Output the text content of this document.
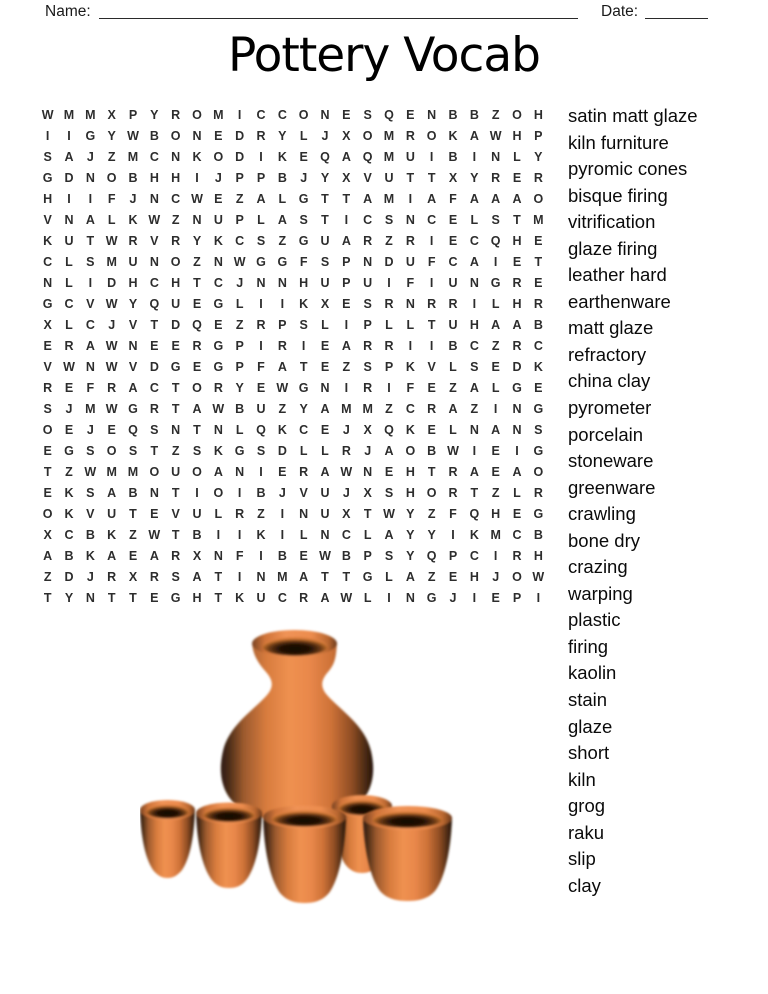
Name:	Date:
Pottery Vocab
W M M X	P	Y	R O M	I	C C O N	E	S Q E	N B B	Z	O H
I	I	G Y W B O N	E	D R	Y	L	J	X O M R O K A W H	P
S	A	J	Z M C N K O D	I	K	E Q A Q M U	I	B	I	N	L	Y
G D N O B H H	I	J	P	P	B	J	Y	X	V	U	T	T	X	Y	R	E	R
H	I	I	F	J	N C W E	Z	A	L	G	T	T	A M	I	A	F	A A A O
V	N A	L	K W Z	N U	P	L	A	S	T	I	C	S	N C	E	L	S	T M
K U	T W R	V	R	Y	K C	S	Z	G U A R	Z	R	I	E	C Q H	E
C	L	S M U N O	Z	N W G G	F	S	P	N D U	F	C A	I	E	T
N	L	I	D H C H	T	C	J	N N H U	P	U	I	F	I	U N G R	E
G C	V W Y Q U	E G	L	I	I	K	X	E	S	R N R R	I	L	H R
X	L	C	J	V	T	D Q E	Z	R	P	S	L	I	P	L	L	T	U H A A B
E	R A W N	E	E	R G P	I	R	I	E	A R R	I	I	B C	Z	R C
V W N W V	D G E G P	F	A	T	E	Z	S	P	K	V	L	S	E	D K
R	E	F	R A C	T	O R	Y	E W G N	I	R	I	F	E	Z	A	L	G E
S	J	M W G R	T	A W B U	Z	Y	A M M Z	C R A	Z	I	N G
O E	J	E Q S	N	T	N	L	Q K C	E	J	X Q K	E	L	N A N	S
E G S O S	T	Z	S	K G S	D	L	L	R	J	A O B W	I	E	I	G
T	Z W M M O U O A N	I	E	R A W N	E	H	T	R A	E	A O
E	K	S	A B N	T	I	O	I	B	J	V	U	J	X	S	H O R	T	Z	L	R
O K	V	U	T	E	V	U	L	R	Z	I	N U	X	T W Y	Z	F	Q H	E G
X	C B K	Z W T	B	I	I	K	I	L	N C	L	A	Y	Y	I	K M C B
A B K A	E	A R	X	N	F	I	B	E W B	P	S	Y Q P	C	I	R H
Z	D	J	R	X	R	S	A	T	I	N M A	T	T	G	L	A	Z	E	H	J	O W
T	Y	N	T	T	E G H	T	K U C R A W L	I	N G	J	I	E	P	I
satin matt glaze
kiln furniture
pyromic cones
bisque firing
vitrification
glaze firing
leather hard
earthenware
matt glaze
refractory
china clay
pyrometer
porcelain
stoneware
greenware
crawling
bone dry
crazing
warping
plastic
firing
kaolin
stain
glaze
short
kiln
grog
raku
slip
clay
